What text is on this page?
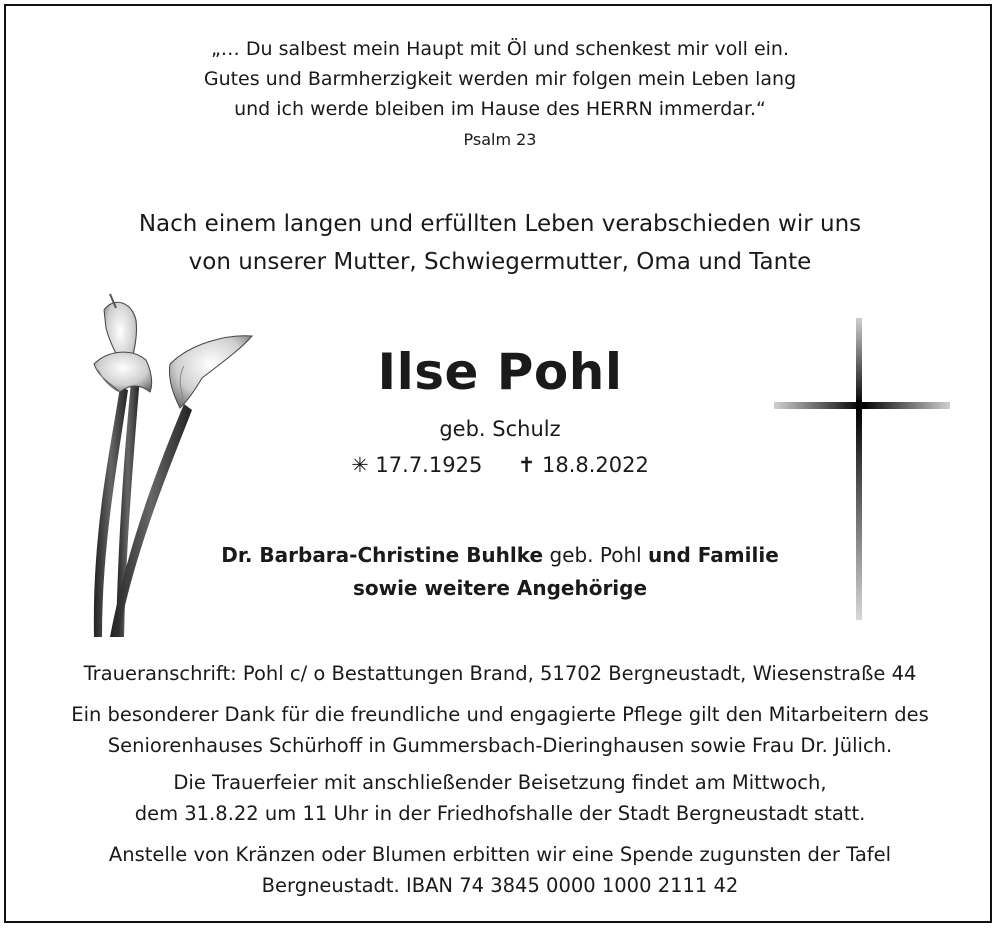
„… Du salbest mein Haupt mit Öl und schenkest mir voll ein.
Gutes und Barmherzigkeit werden mir folgen mein Leben lang
und ich werde bleiben im Hause des HERRN immerdar.“
Psalm 23
Nach einem langen und erfüllten Leben verabschieden wir uns
von unserer Mutter, Schwiegermutter, Oma und Tante
Ilse Pohl
geb. Schulz
✳ 17.7.1925 ✝ 18.8.2022
Dr. Barbara-Christine Buhlke geb. Pohl und Familie
sowie weitere Angehörige
Traueranschrift: Pohl c/ o Bestattungen Brand, 51702 Bergneustadt, Wiesenstraße 44
Ein besonderer Dank für die freundliche und engagierte Pflege gilt den Mitarbeitern des
Seniorenhauses Schürhoff in Gummersbach-Dieringhausen sowie Frau Dr. Jülich.
Die Trauerfeier mit anschließender Beisetzung findet am Mittwoch,
dem 31.8.22 um 11 Uhr in der Friedhofshalle der Stadt Bergneustadt statt.
Anstelle von Kränzen oder Blumen erbitten wir eine Spende zugunsten der Tafel
Bergneustadt. IBAN 74 3845 0000 1000 2111 42
